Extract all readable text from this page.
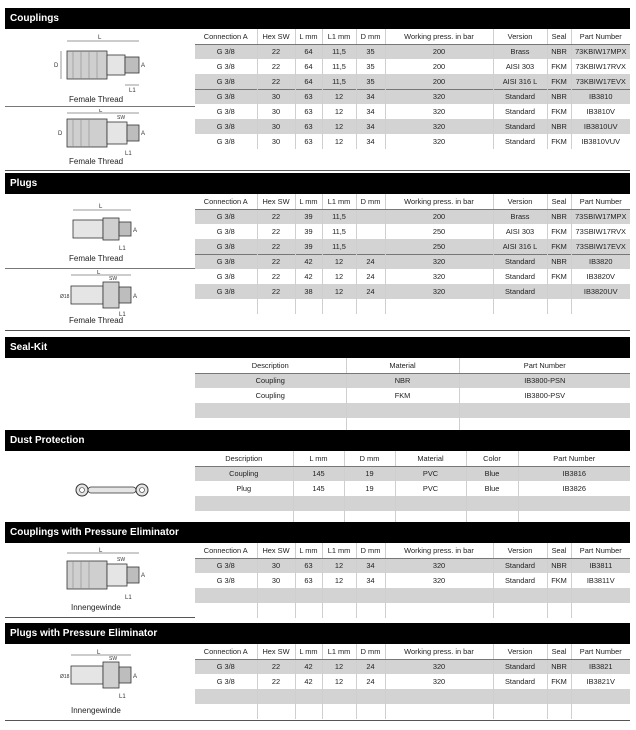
Couplings
L
D	A
L1
Female Thread
L
SW
A
D
L1
Female Thread
Connection A	Hex SW	L mm	L1 mm	D mm	Working press. in bar	Version	Seal	Part Number
G 3/8	22	64	11,5	35	200	Brass	NBR	73KBIW17MPX
G 3/8	22	64	11,5	35	200	AISI 303	FKM	73KBIW17RVX
G 3/8	22	64	11,5	35	200	AISI 316 L	FKM	73KBIW17EVX
G 3/8	30	63	12	34	320	Standard	NBR	IB3810
G 3/8	30	63	12	34	320	Standard	FKM	IB3810V
G 3/8	30	63	12	34	320	Standard	NBR	IB3810UV
G 3/8	30	63	12	34	320	Standard	FKM	IB3810VUV
Plugs
L
A
L1
Female Thread
L
SW
Ø18	A
L1
Female Thread
Connection A	Hex SW	L mm	L1 mm	D mm	Working press. in bar	Version	Seal	Part Number
G 3/8	22	39	11,5		200	Brass	NBR	73SBIW17MPX
G 3/8	22	39	11,5		250	AISI 303	FKM	73SBIW17RVX
G 3/8	22	39	11,5		250	AISI 316 L	FKM	73SBIW17EVX
G 3/8	22	42	12	24	320	Standard	NBR	IB3820
G 3/8	22	42	12	24	320	Standard	FKM	IB3820V
G 3/8	22	38	12	24	320	Standard		IB3820UV

Seal-Kit
Description	Material	Part Number
Coupling	NBR	IB3800-PSN
Coupling	FKM	IB3800-PSV

Dust Protection
Description	L mm	D mm	Material	Color	Part Number
Coupling	145	19	PVC	Blue	IB3816
Plug	145	19	PVC	Blue	IB3826

Couplings with Pressure Eliminator
L
SW
A
L1
Innengewinde
Connection A	Hex SW	L mm	L1 mm	D mm	Working press. in bar	Version	Seal	Part Number
G 3/8	30	63	12	34	320	Standard	NBR	IB3811
G 3/8	30	63	12	34	320	Standard	FKM	IB3811V

Plugs with Pressure Eliminator
L
SW
Ø18	A
L1
Innengewinde
Connection A	Hex SW	L mm	L1 mm	D mm	Working press. in bar	Version	Seal	Part Number
G 3/8	22	42	12	24	320	Standard	NBR	IB3821
G 3/8	22	42	12	24	320	Standard	FKM	IB3821V
